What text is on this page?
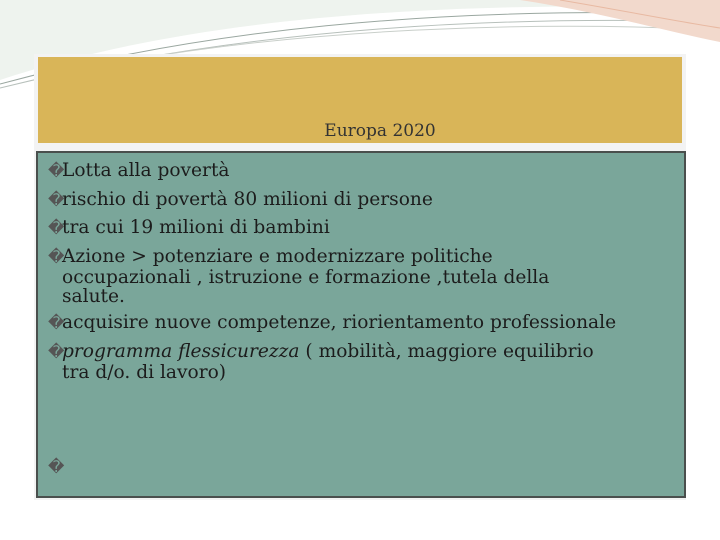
Europa 2020
�
Lotta alla povertà
�
rischio di povertà 80 milioni di persone
�
tra cui 19 milioni di bambini
�
Azione > potenziare e modernizzare politiche
occupazionali , istruzione e formazione ,tutela della
salute.
�
acquisire nuove competenze, riorientamento professionale
�
programma flessicurezza ( mobilità, maggiore equilibrio
tra d/o. di lavoro)
�
